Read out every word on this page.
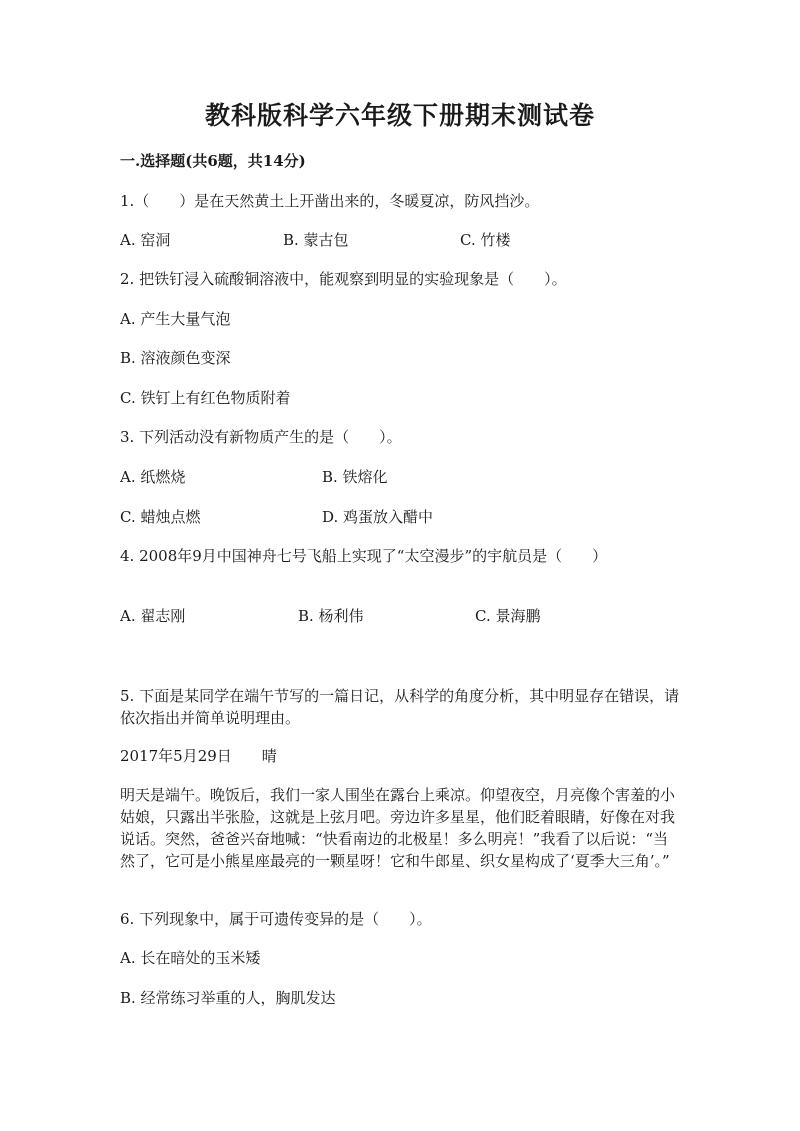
教科版科学六年级下册期末测试卷
一.选择题(共6题，共14分)
1.（　　）是在天然黄土上开凿出来的，冬暖夏凉，防风挡沙。
A. 窑洞	B. 蒙古包	C. 竹楼
2. 把铁钉浸入硫酸铜溶液中，能观察到明显的实验现象是（　　）。
A. 产生大量气泡
B. 溶液颜色变深
C. 铁钉上有红色物质附着
3. 下列活动没有新物质产生的是（　　）。
A. 纸燃烧	B. 铁熔化
C. 蜡烛点燃	D. 鸡蛋放入醋中
4. 2008年9月中国神舟七号飞船上实现了“太空漫步”的宇航员是（　　）
A. 翟志刚	B. 杨利伟	C. 景海鹏
5. 下面是某同学在端午节写的一篇日记，从科学的角度分析，其中明显存在错误，请依次指出并简单说明理由。
2017年5月29日　　晴
明天是端午。晚饭后，我们一家人围坐在露台上乘凉。仰望夜空，月亮像个害羞的小姑娘，只露出半张脸，这就是上弦月吧。旁边许多星星，他们眨着眼睛，好像在对我说话。突然，爸爸兴奋地喊：“快看南边的北极星！多么明亮！”我看了以后说：“当然了，它可是小熊星座最亮的一颗星呀！它和牛郎星、织女星构成了‘夏季大三角’。”
6. 下列现象中，属于可遗传变异的是（　　）。
A. 长在暗处的玉米矮
B. 经常练习举重的人，胸肌发达
